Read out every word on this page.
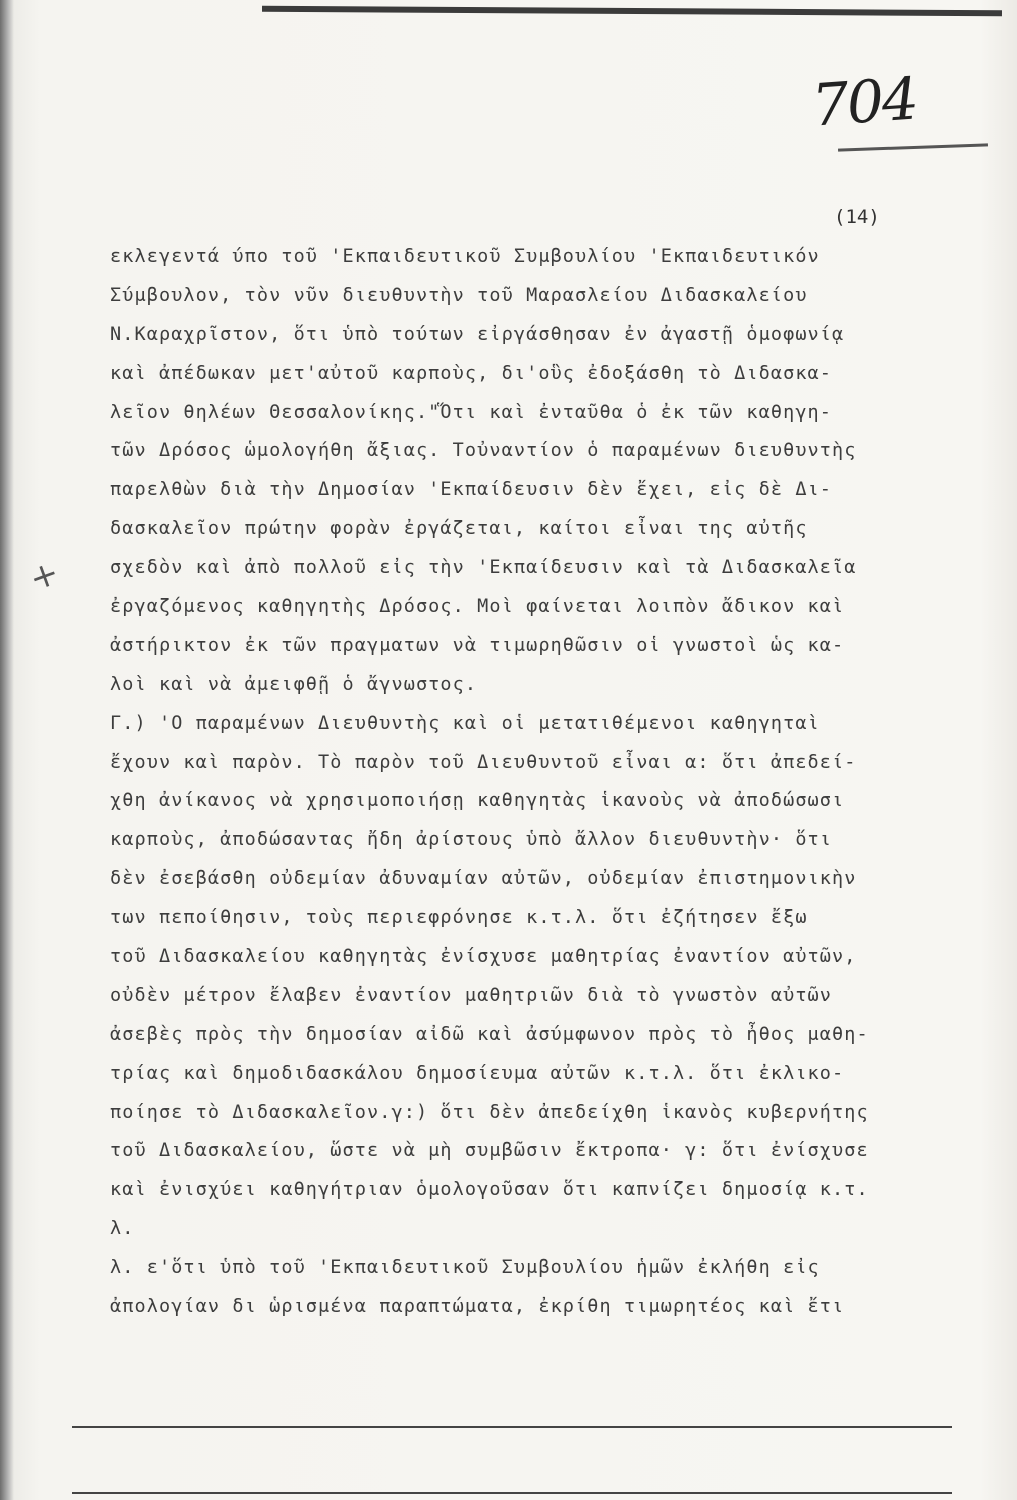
704
(14)
+
εκλεγεντά ύπο τοῦ 'Εκπαιδευτικοῦ Συμβουλίου 'Εκπαιδευτικόν
Σύμβουλον, τὸν νῦν διευθυντὴν τοῦ Μαρασλείου Διδασκαλείου
Ν.Καραχρῖστον, ὅτι ὑπὸ τούτων εἰργάσθησαν ἐν ἀγαστῇ ὁμοφωνίᾳ
καὶ ἀπέδωκαν μετ'αὐτοῦ καρποὺς, δι'οὓς ἐδοξάσθη τὸ Διδασκα-
λεῖον θηλέων Θεσσαλονίκης."Ὅτι καὶ ἐνταῦθα ὁ ἐκ τῶν καθηγη-
τῶν Δρόσος ὡμολογήθη ἄξιας. Τοὐναντίον ὁ παραμένων διευθυντὴς
παρελθὼν διὰ τὴν Δημοσίαν 'Εκπαίδευσιν δὲν ἔχει, εἰς δὲ Δι-
δασκαλεῖον πρώτην φορὰν ἐργάζεται, καίτοι εἶναι της αὐτῆς
σχεδὸν καὶ ἀπὸ πολλοῦ εἰς τὴν 'Εκπαίδευσιν καὶ τὰ Διδασκαλεῖα
ἐργαζόμενος καθηγητὴς Δρόσος. Μοὶ φαίνεται λοιπὸν ἄδικον καὶ
ἀστήρικτον ἐκ τῶν πραγματων νὰ τιμωρηθῶσιν οἱ γνωστοὶ ὡς κα-
λοὶ καὶ νὰ ἀμειφθῇ ὁ ἄγνωστος.
Γ.) 'Ο παραμένων Διευθυντὴς καὶ οἱ μετατιθέμενοι καθηγηταὶ
ἔχουν καὶ παρὸν. Τὸ παρὸν τοῦ Διευθυντοῦ εἶναι α: ὅτι ἀπεδεί-
χθη ἀνίκανος νὰ χρησιμοποιήσῃ καθηγητὰς ἱκανοὺς νὰ ἀποδώσωσι
καρποὺς, ἀποδώσαντας ἤδη ἀρίστους ὑπὸ ἄλλον διευθυντὴν· ὅτι
δὲν ἐσεβάσθη οὐδεμίαν ἀδυναμίαν αὐτῶν, οὐδεμίαν ἐπιστημονικὴν
των πεποίθησιν, τοὺς περιεφρόνησε κ.τ.λ. ὅτι ἐζήτησεν ἔξω
τοῦ Διδασκαλείου καθηγητὰς ἐνίσχυσε μαθητρίας ἐναντίον αὐτῶν,
οὐδὲν μέτρον ἔλαβεν ἐναντίον μαθητριῶν διὰ τὸ γνωστὸν αὐτῶν
ἀσεβὲς πρὸς τὴν δημοσίαν αἰδῶ καὶ ἀσύμφωνον πρὸς τὸ ἦθος μαθη-
τρίας καὶ δημοδιδασκάλου δημοσίευμα αὐτῶν κ.τ.λ. ὅτι ἐκλικο-
ποίησε τὸ Διδασκαλεῖον.γ:) ὅτι δὲν ἀπεδείχθη ἱκανὸς κυβερνήτης
τοῦ Διδασκαλείου, ὥστε νὰ μὴ συμβῶσιν ἔκτροπα· γ: ὅτι ἐνίσχυσε
καὶ ἐνισχύει καθηγήτριαν ὁμολογοῦσαν ὅτι καπνίζει δημοσίᾳ κ.τ.
λ.
λ. ε'ὅτι ὑπὸ τοῦ 'Εκπαιδευτικοῦ Συμβουλίου ἡμῶν ἐκλήθη εἰς
ἀπολογίαν δι ὡρισμένα παραπτώματα, ἐκρίθη τιμωρητέος καὶ ἔτι
